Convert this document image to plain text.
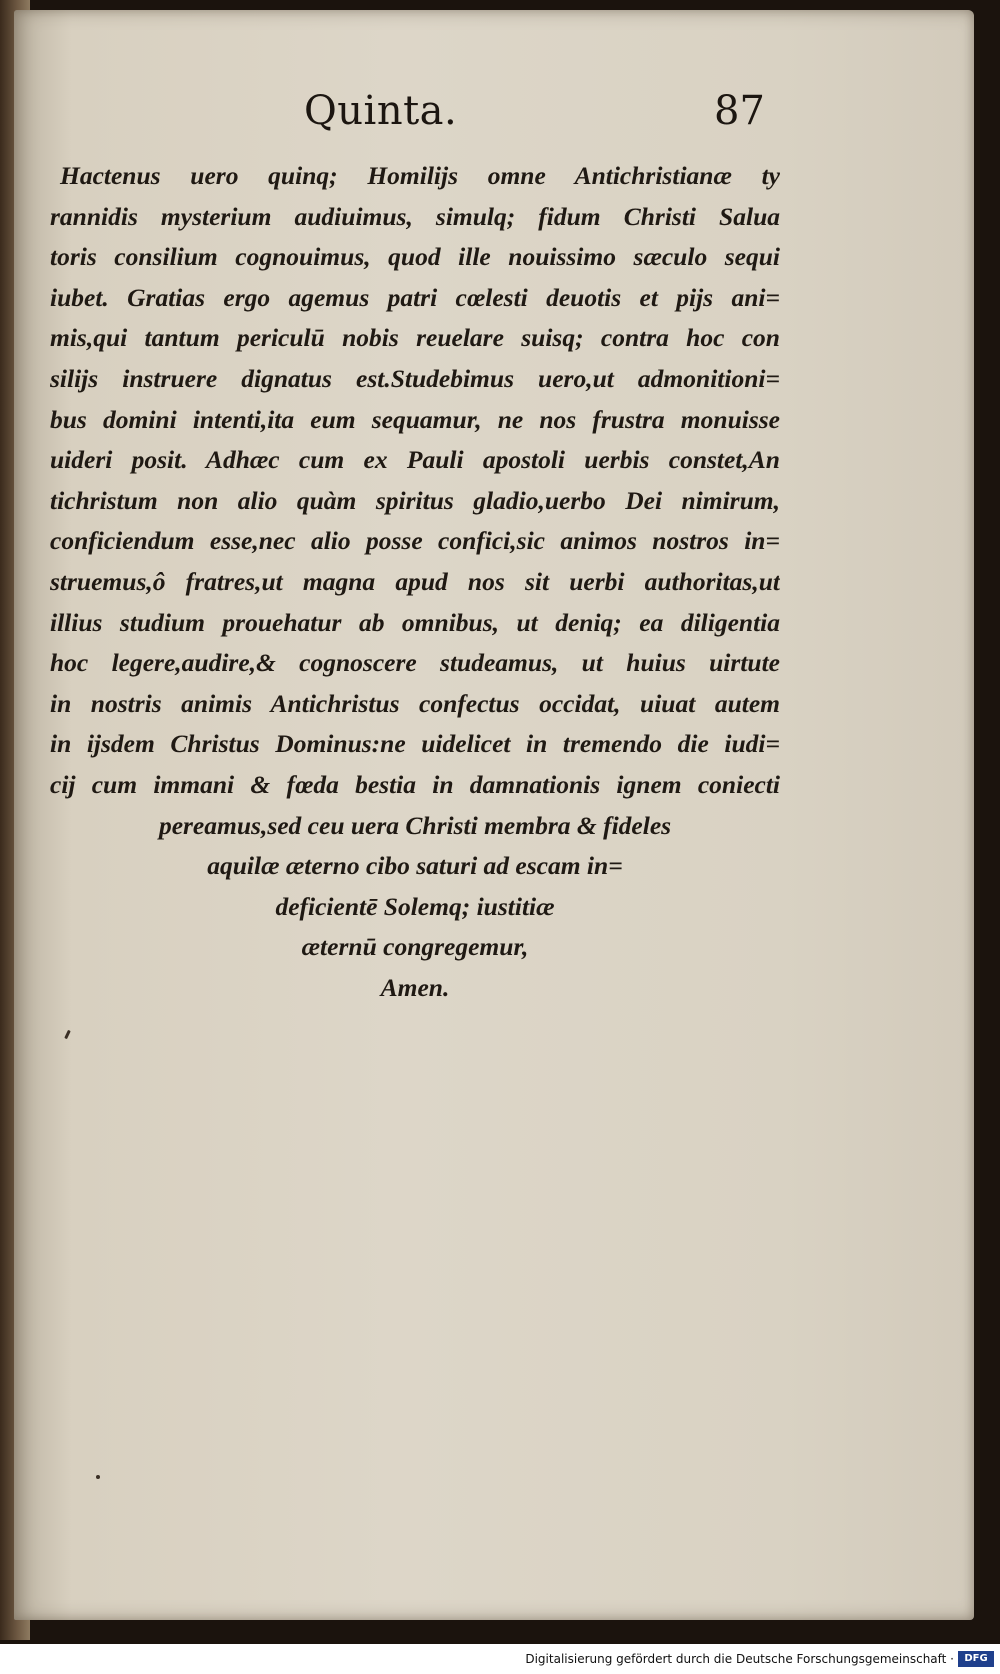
Quinta.	87
Hactenus uero quinq; Homilijs omne Antichristianæ ty
rannidis mysterium audiuimus, simulq; fidum Christi Salua
toris consilium cognouimus, quod ille nouissimo sæculo sequi
iubet. Gratias ergo agemus patri cœlesti deuotis et pijs ani=
mis,qui tantum periculū nobis reuelare suisq; contra hoc con
silijs instruere dignatus est.Studebimus uero,ut admonitioni=
bus domini intenti,ita eum sequamur, ne nos frustra monuisse
uideri posit. Adhæc cum ex Pauli apostoli uerbis constet,An
tichristum non alio quàm spiritus gladio,uerbo Dei nimirum,
conficiendum esse,nec alio posse confici,sic animos nostros in=
struemus,ô fratres,ut magna apud nos sit uerbi authoritas,ut
illius studium prouehatur ab omnibus, ut deniq; ea diligentia
hoc legere,audire,& cognoscere studeamus, ut huius uirtute
in nostris animis Antichristus confectus occidat, uiuat autem
in ijsdem Christus Dominus:ne uidelicet in tremendo die iudi=
cij cum immani & fœda bestia in damnationis ignem coniecti
pereamus,sed ceu uera Christi membra & fideles
aquilæ æterno cibo saturi ad escam in=
deficientē Solemq; iustitiæ
æternū congregemur,
Amen.
Digitalisierung gefördert durch die Deutsche Forschungsgemeinschaft ·	DFG
